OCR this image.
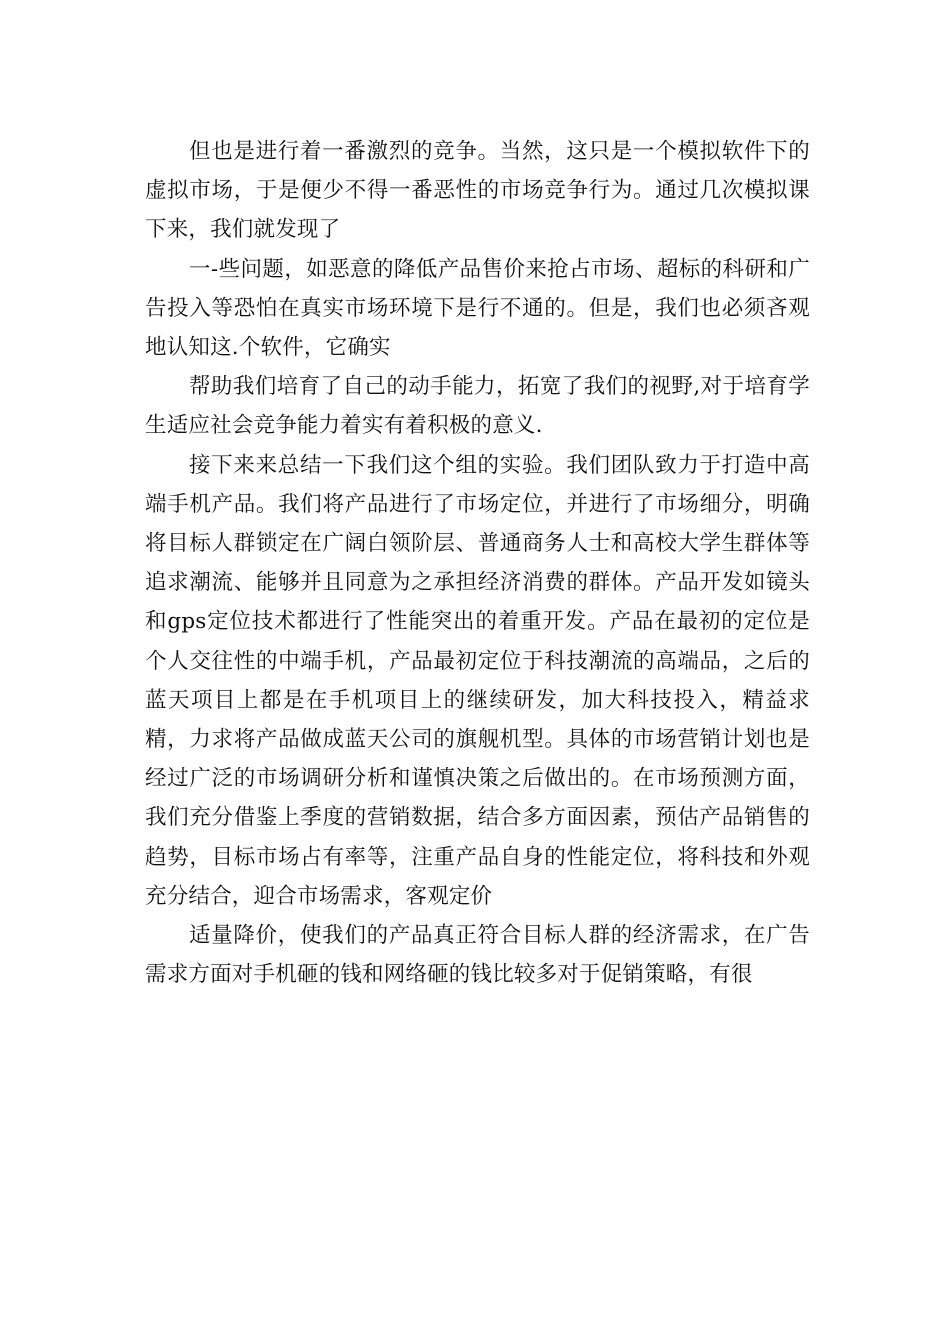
但也是进行着一番激烈的竞争。当然，这只是一个模拟软件下的虚拟市场，于是便少不得一番恶性的市场竞争行为。通过几次模拟课下来，我们就发现了

一-些问题，如恶意的降低产品售价来抢占市场、超标的科研和广告投入等恐怕在真实市场环境下是行不通的。但是，我们也必须吝观地认知这.个软件，它确实

帮助我们培育了自己的动手能力，拓宽了我们的视野,对于培育学生适应社会竞争能力着实有着积极的意义.

接下来来总结一下我们这个组的实验。我们团队致力于打造中高端手机产品。我们将产品进行了市场定位，并进行了市场细分，明确将目标人群锁定在广阔白领阶层、普通商务人士和高校大学生群体等追求潮流、能够并且同意为之承担经济消费的群体。产品开发如镜头和gps定位技术都进行了性能突出的着重开发。产品在最初的定位是个人交往性的中端手机，产品最初定位于科技潮流的高端品，之后的蓝天项目上都是在手机项目上的继续研发，加大科技投入，精益求精，力求将产品做成蓝天公司的旗舰机型。具体的市场营销计划也是经过广泛的市场调研分析和谨慎决策之后做出的。在市场预测方面，我们充分借鉴上季度的营销数据，结合多方面因素，预估产品销售的趋势，目标市场占有率等，注重产品自身的性能定位，将科技和外观充分结合，迎合市场需求，客观定价

适量降价，使我们的产品真正符合目标人群的经济需求，在广告需求方面对手机砸的钱和网络砸的钱比较多对于促销策略，有很
